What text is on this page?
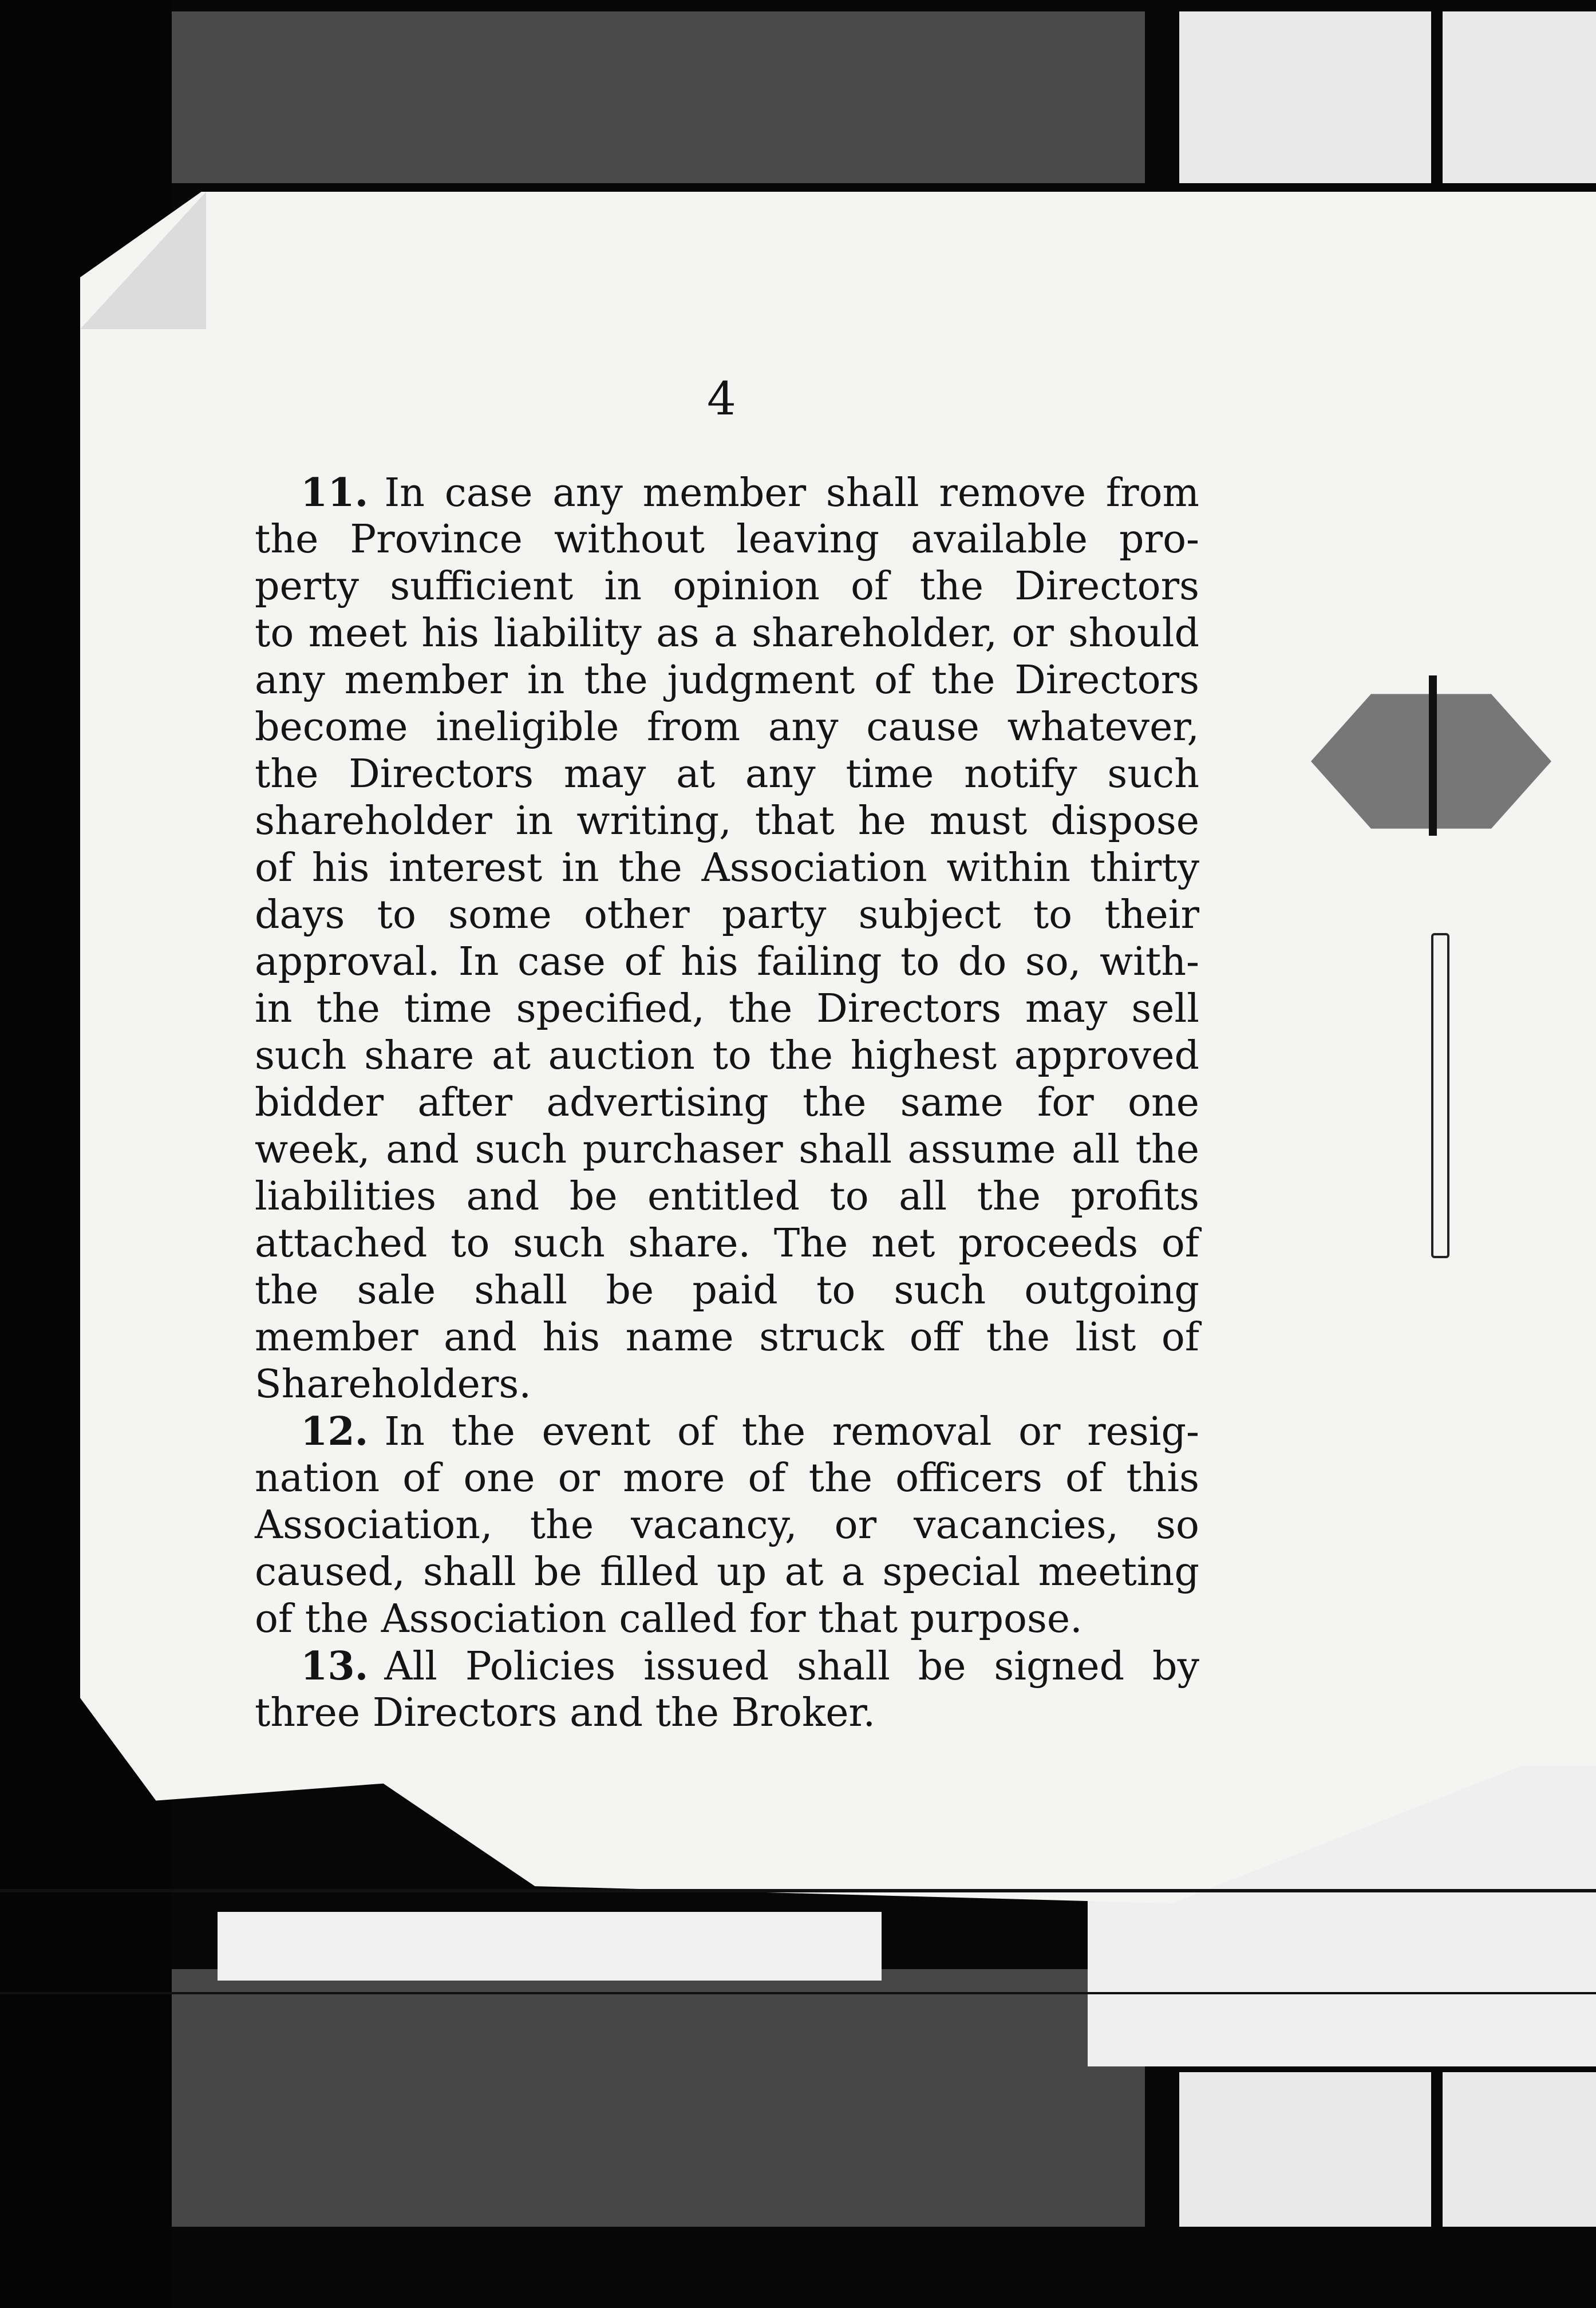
4
11. In case any member shall remove from
the Province without leaving available pro-
perty sufficient in opinion of the Directors
to meet his liability as a shareholder, or should
any member in the judgment of the Directors
become ineligible from any cause whatever,
the Directors may at any time notify such
shareholder in writing, that he must dispose
of his interest in the Association within thirty
days to some other party subject to their
approval. In case of his failing to do so, with-
in the time specified, the Directors may sell
such share at auction to the highest approved
bidder after advertising the same for one
week, and such purchaser shall assume all the
liabilities and be entitled to all the profits
attached to such share. The net proceeds of
the sale shall be paid to such outgoing
member and his name struck off the list of
Shareholders.
12. In the event of the removal or resig-
nation of one or more of the officers of this
Association, the vacancy, or vacancies, so
caused, shall be filled up at a special meeting
of the Association called for that purpose.
13. All Policies issued shall be signed by
three Directors and the Broker.
